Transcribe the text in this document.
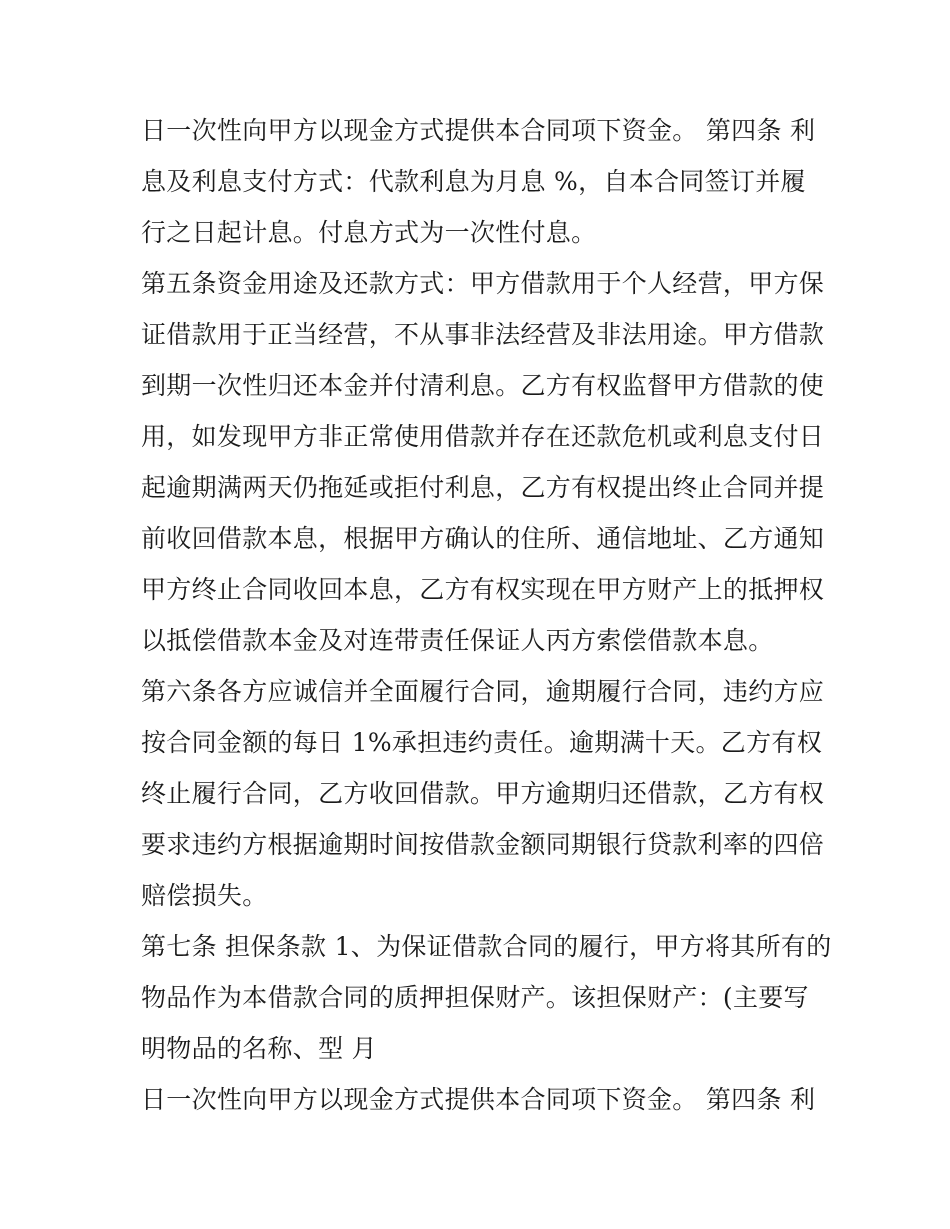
日一次性向甲方以现金方式提供本合同项下资金。 第四条 利
息及利息支付方式：代款利息为月息 %，自本合同签订并履
行之日起计息。付息方式为一次性付息。
第五条资金用途及还款方式：甲方借款用于个人经营，甲方保
证借款用于正当经营，不从事非法经营及非法用途。甲方借款
到期一次性归还本金并付清利息。乙方有权监督甲方借款的使
用，如发现甲方非正常使用借款并存在还款危机或利息支付日
起逾期满两天仍拖延或拒付利息，乙方有权提出终止合同并提
前收回借款本息，根据甲方确认的住所、通信地址、乙方通知
甲方终止合同收回本息，乙方有权实现在甲方财产上的抵押权
以抵偿借款本金及对连带责任保证人丙方索偿借款本息。
第六条各方应诚信并全面履行合同，逾期履行合同，违约方应
按合同金额的每日 1%承担违约责任。逾期满十天。乙方有权
终止履行合同，乙方收回借款。甲方逾期归还借款，乙方有权
要求违约方根据逾期时间按借款金额同期银行贷款利率的四倍
赔偿损失。
第七条 担保条款 1、为保证借款合同的履行，甲方将其所有的
物品作为本借款合同的质押担保财产。该担保财产：(主要写
明物品的名称、型 月
日一次性向甲方以现金方式提供本合同项下资金。 第四条 利
